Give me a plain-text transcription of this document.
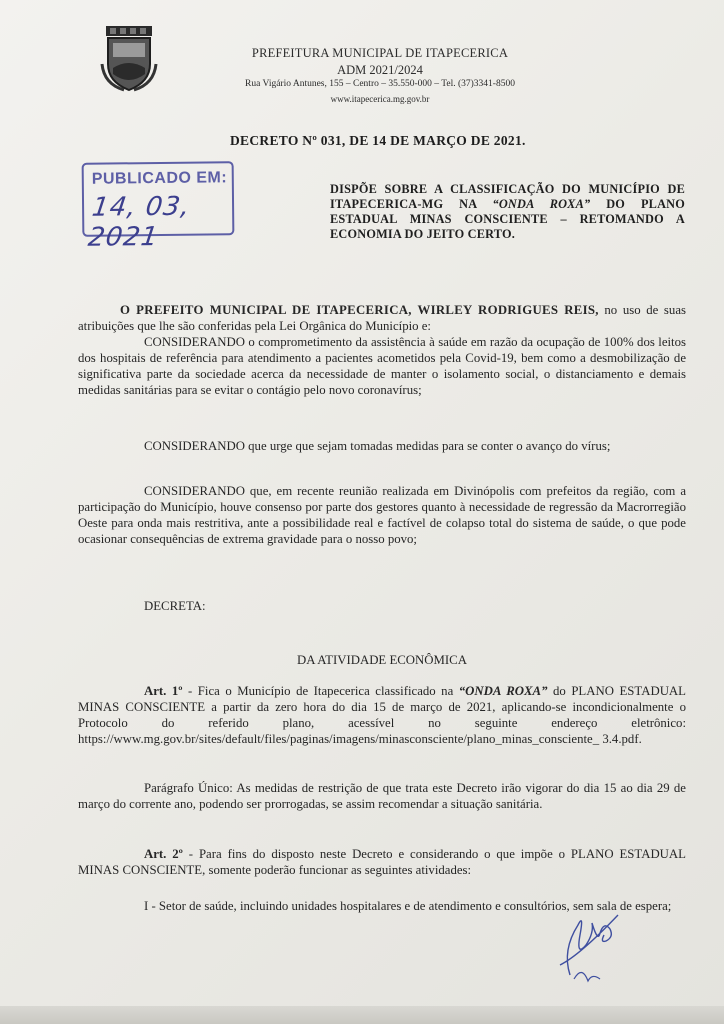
PREFEITURA MUNICIPAL DE ITAPECERICA
ADM 2021/2024
Rua Vigário Antunes, 155 – Centro – 35.550-000 – Tel. (37)3341-8500
www.itapecerica.mg.gov.br
DECRETO Nº 031, DE 14 DE MARÇO DE 2021.
PUBLICADO EM:
14, 03, 2021
DISPÕE SOBRE A CLASSIFICAÇÃO DO MUNICÍPIO DE ITAPECERICA-MG NA “ONDA ROXA” DO PLANO ESTADUAL MINAS CONSCIENTE – RETOMANDO A ECONOMIA DO JEITO CERTO.
O PREFEITO MUNICIPAL DE ITAPECERICA, WIRLEY RODRIGUES REIS, no uso de suas atribuições que lhe são conferidas pela Lei Orgânica do Município e:
CONSIDERANDO o comprometimento da assistência à saúde em razão da ocupação de 100% dos leitos dos hospitais de referência para atendimento a pacientes acometidos pela Covid-19, bem como a desmobilização de significativa parte da sociedade acerca da necessidade de manter o isolamento social, o distanciamento e demais medidas sanitárias para se evitar o contágio pelo novo coronavírus;
CONSIDERANDO que urge que sejam tomadas medidas para se conter o avanço do vírus;
CONSIDERANDO que, em recente reunião realizada em Divinópolis com prefeitos da região, com a participação do Município, houve consenso por parte dos gestores quanto à necessidade de regressão da Macrorregião Oeste para onda mais restritiva, ante a possibilidade real e factível de colapso total do sistema de saúde, o que pode ocasionar consequências de extrema gravidade para o nosso povo;
DECRETA:
DA ATIVIDADE ECONÔMICA
Art. 1º - Fica o Município de Itapecerica classificado na “ONDA ROXA” do PLANO ESTADUAL MINAS CONSCIENTE a partir da zero hora do dia 15 de março de 2021, aplicando-se incondicionalmente o Protocolo do referido plano, acessível no seguinte endereço eletrônico: https://www.mg.gov.br/sites/default/files/paginas/imagens/minasconsciente/plano_minas_consciente_ 3.4.pdf.
Parágrafo Único: As medidas de restrição de que trata este Decreto irão vigorar do dia 15 ao dia 29 de março do corrente ano, podendo ser prorrogadas, se assim recomendar a situação sanitária.
Art. 2º - Para fins do disposto neste Decreto e considerando o que impõe o PLANO ESTADUAL MINAS CONSCIENTE, somente poderão funcionar as seguintes atividades:
I - Setor de saúde, incluindo unidades hospitalares e de atendimento e consultórios, sem sala de espera;
